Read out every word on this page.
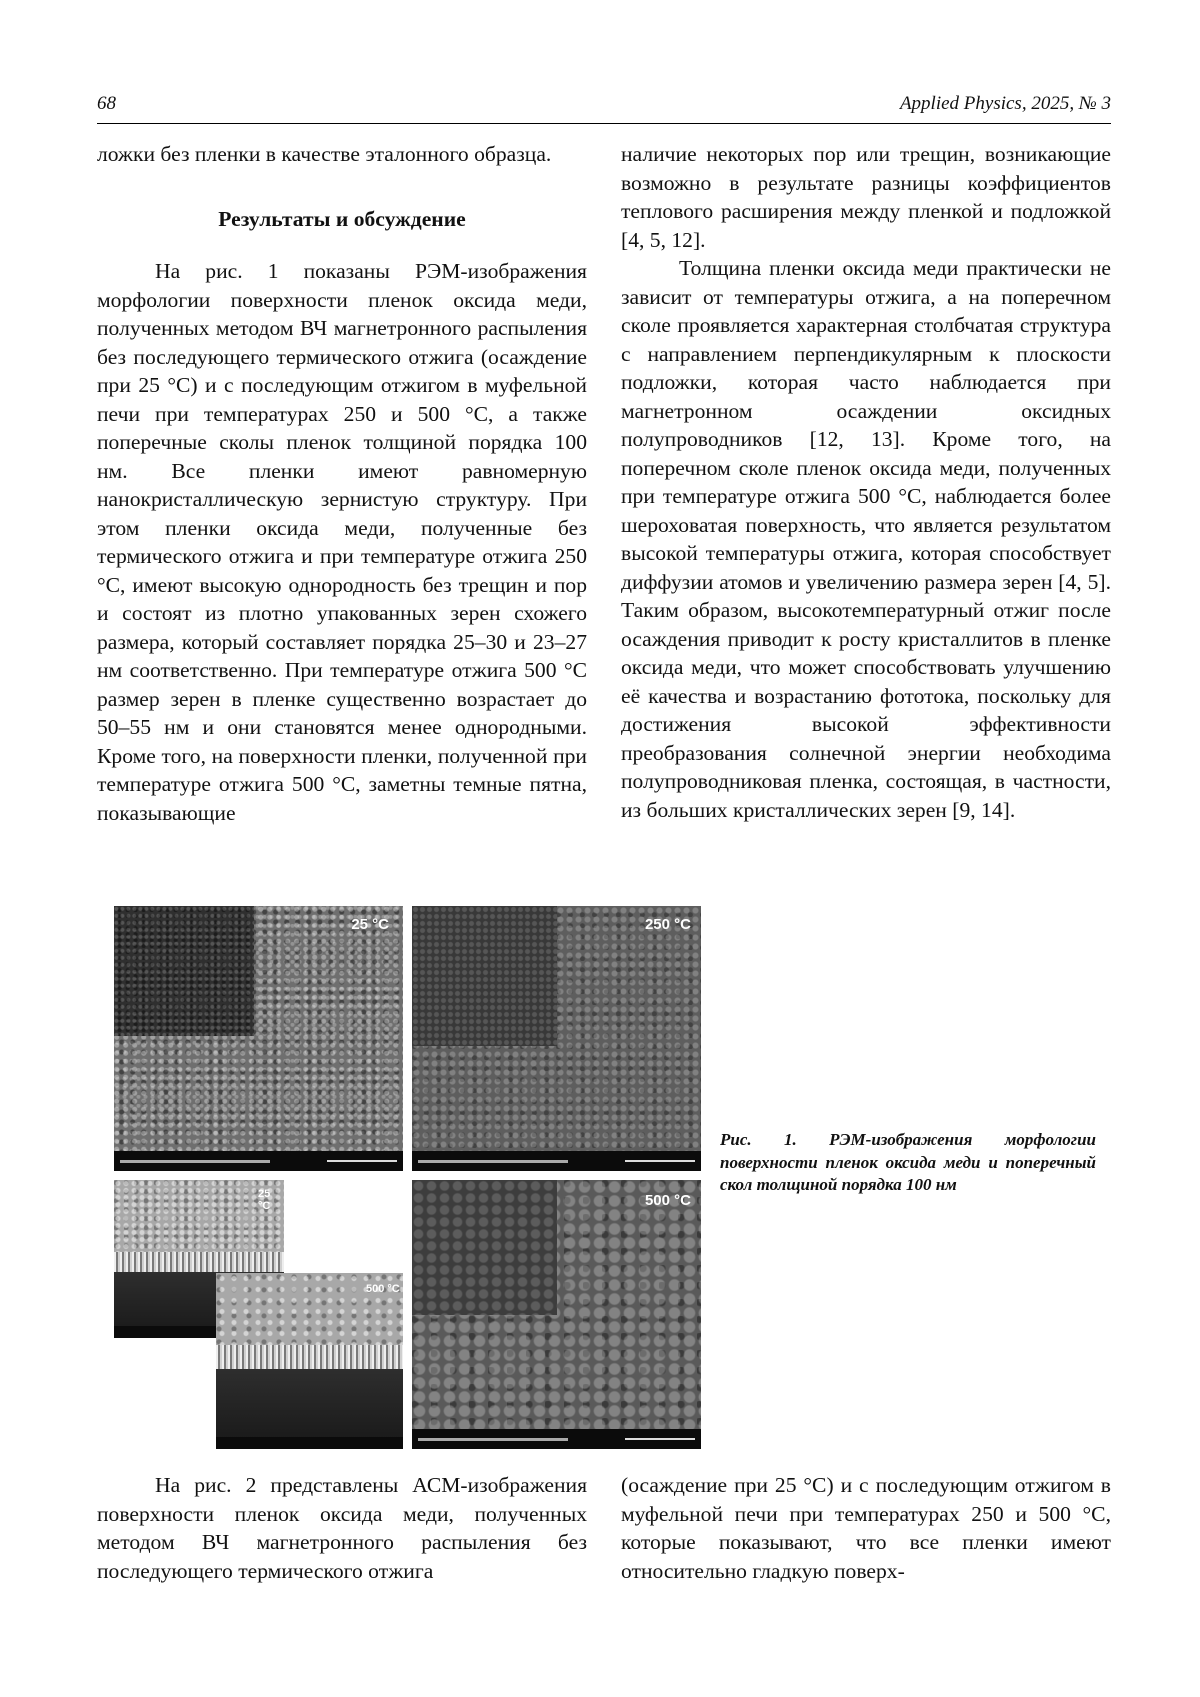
68	Applied Physics, 2025, № 3

ложки без пленки в качестве эталонного образца.

Результаты и обсуждение

На рис. 1 показаны РЭМ-изображения морфологии поверхности пленок оксида меди, полученных методом ВЧ магнетронного распыления без последующего термического отжига (осаждение при 25 °C) и с последующим отжигом в муфельной печи при температурах 250 и 500 °C, а также поперечные сколы пленок толщиной порядка 100 нм. Все пленки имеют равномерную нанокристаллическую зернистую структуру. При этом пленки оксида меди, полученные без термического отжига и при температуре отжига 250 °C, имеют высокую однородность без трещин и пор и состоят из плотно упакованных зерен схожего размера, который составляет порядка 25–30 и 23–27 нм соответственно. При температуре отжига 500 °C размер зерен в пленке существенно возрастает до 50–55 нм и они становятся менее однородными. Кроме того, на поверхности пленки, полученной при температуре отжига 500 °C, заметны темные пятна, показывающие

наличие некоторых пор или трещин, возникающие возможно в результате разницы коэффициентов теплового расширения между пленкой и подложкой [4, 5, 12].

Толщина пленки оксида меди практически не зависит от температуры отжига, а на поперечном сколе проявляется характерная столбчатая структура с направлением перпендикулярным к плоскости подложки, которая часто наблюдается при магнетронном осаждении оксидных полупроводников [12, 13]. Кроме того, на поперечном сколе пленок оксида меди, полученных при температуре отжига 500 °C, наблюдается более шероховатая поверхность, что является результатом высокой температуры отжига, которая способствует диффузии атомов и увеличению размера зерен [4, 5]. Таким образом, высокотемпературный отжиг после осаждения приводит к росту кристаллитов в пленке оксида меди, что может способствовать улучшению её качества и возрастанию фототока, поскольку для достижения высокой эффективности преобразования солнечной энергии необходима полупроводниковая пленка, состоящая, в частности, из больших кристаллических зерен [9, 14].

25 °C	250 °C
25 °C
500 °C
500 °C
Рис. 1. РЭМ-изображения морфологии поверхности пленок оксида меди и поперечный скол толщиной порядка 100 нм

На рис. 2 представлены АСМ-изображения поверхности пленок оксида меди, полученных методом ВЧ магнетронного распыления без последующего термического отжига

(осаждение при 25 °C) и с последующим отжигом в муфельной печи при температурах 250 и 500 °C, которые показывают, что все пленки имеют относительно гладкую поверх-
